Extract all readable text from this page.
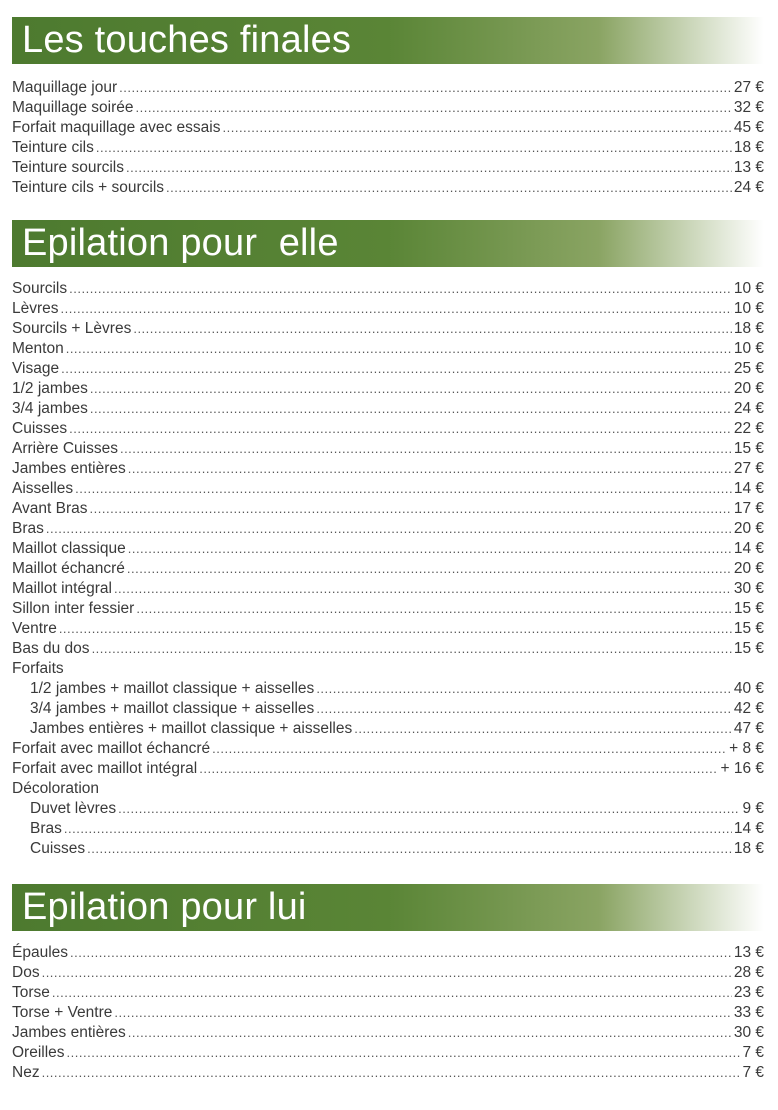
Les touches finales
Maquillage jour .....	27 €
Maquillage soirée .....	32 €
Forfait maquillage avec essais .....	45 €
Teinture cils .....	18 €
Teinture sourcils .....	13 €
Teinture cils + sourcils .....	24 €
Epilation pour  elle
Sourcils .....	10 €
Lèvres .....	10 €
Sourcils + Lèvres .....	18 €
Menton .....	10 €
Visage .....	25 €
1/2 jambes .....	20 €
3/4 jambes .....	24 €
Cuisses .....	22 €
Arrière Cuisses .....	15 €
Jambes entières .....	27 €
Aisselles .....	14 €
Avant Bras .....	17 €
Bras .....	20 €
Maillot classique .....	14 €
Maillot échancré .....	20 €
Maillot intégral .....	30 €
Sillon inter fessier .....	15 €
Ventre .....	15 €
Bas du dos .....	15 €
Forfaits
1/2 jambes + maillot classique + aisselles .....	40 €
3/4 jambes + maillot classique + aisselles .....	42 €
Jambes entières + maillot classique + aisselles .....	47 €
Forfait avec maillot échancré .....	+ 8 €
Forfait avec maillot intégral .....	+ 16 €
Décoloration
Duvet lèvres .....	9 €
Bras .....	14 €
Cuisses .....	18 €
Epilation pour lui
Épaules .....	13 €
Dos .....	28 €
Torse .....	23 €
Torse + Ventre .....	33 €
Jambes entières .....	30 €
Oreilles .....	7 €
Nez .....	7 €
